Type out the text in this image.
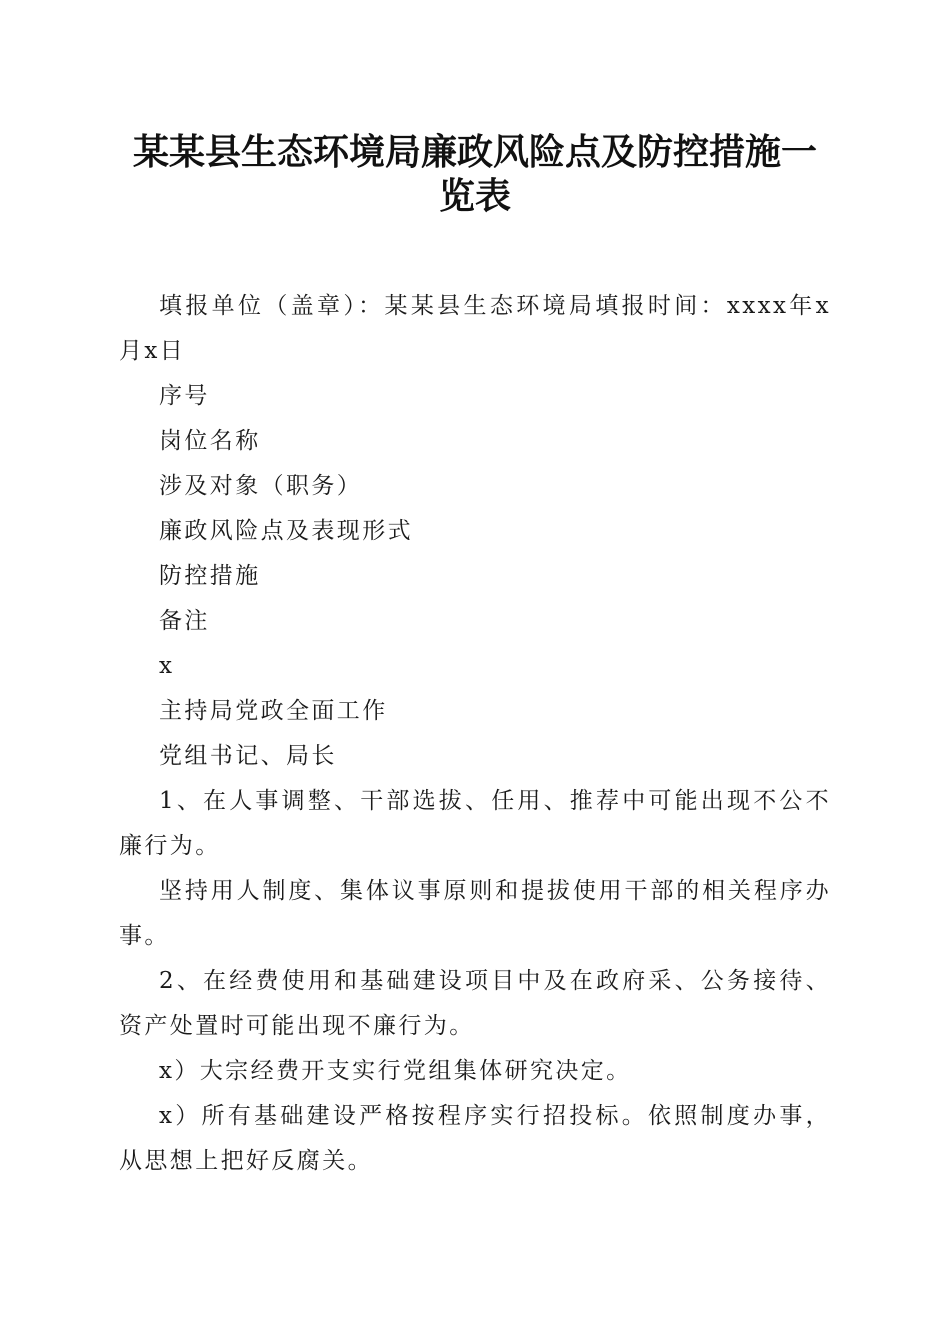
某某县生态环境局廉政风险点及防控措施一览表

填报单位（盖章）：某某县生态环境局填报时间：xxxx年x月x日

序号

岗位名称

涉及对象（职务）

廉政风险点及表现形式

防控措施

备注

x

主持局党政全面工作

党组书记、局长

1、在人事调整、干部选拔、任用、推荐中可能出现不公不廉行为。

坚持用人制度、集体议事原则和提拔使用干部的相关程序办事。

2、在经费使用和基础建设项目中及在政府采、公务接待、资产处置时可能出现不廉行为。

x）大宗经费开支实行党组集体研究决定。

x）所有基础建设严格按程序实行招投标。依照制度办事，从思想上把好反腐关。
